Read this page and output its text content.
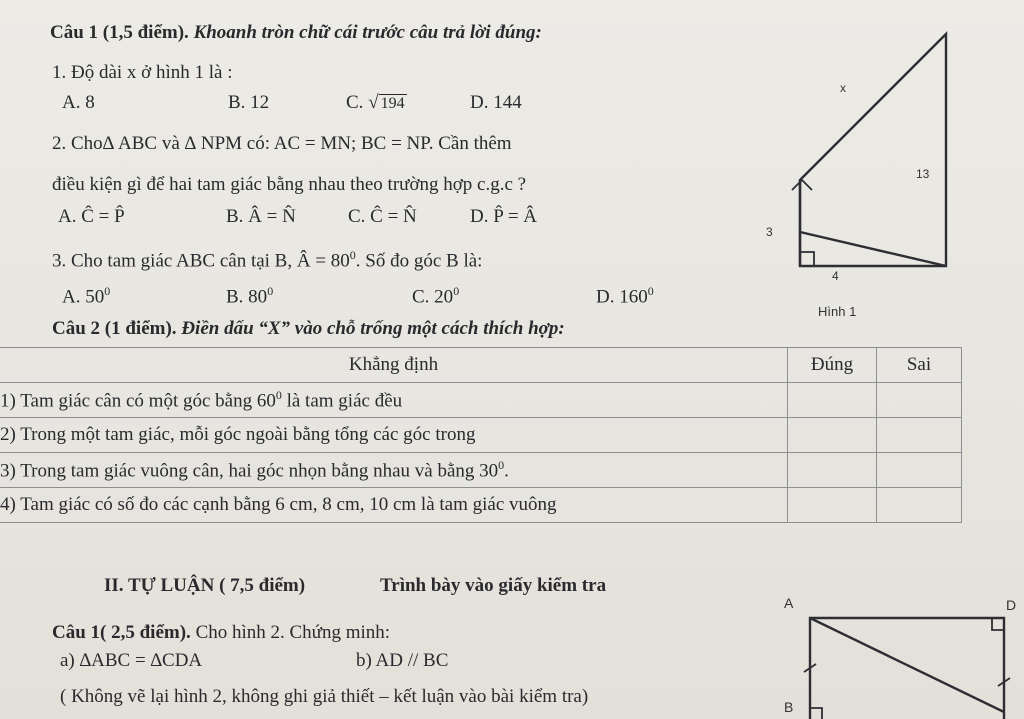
Câu 1 (1,5 điểm). Khoanh tròn chữ cái trước câu trả lời đúng:
1. Độ dài x ở hình 1 là :
A. 8	B. 12	C. √ 194	D. 144
2. Cho∆ ABC và ∆ NPM có: AC = MN; BC = NP. Cần thêm
điều kiện gì để hai tam giác bằng nhau theo trường hợp c.g.c ?
A. Ĉ = P̂	B. Â = N̂	C. Ĉ = N̂	D. P̂ = Â
3. Cho tam giác ABC cân tại B, Â = $80^0$. Số đo góc B là:
A. $50^0$	B. $80^0$	C. $20^0$	D. $160^0$
x
13
3
4
Hình 1
Câu 2 (1 điểm). Điền dấu “X” vào chỗ trống một cách thích hợp:
Khẳng định	Đúng	Sai
1) Tam giác cân có một góc bằng $60^0$ là tam giác đều		
2) Trong một tam giác, mỗi góc ngoài bằng tổng các góc trong		
3) Trong tam giác vuông cân, hai góc nhọn bằng nhau và bằng $30^0$.		
4) Tam giác có số đo các cạnh bằng 6 cm, 8 cm, 10 cm là tam giác vuông		
II. TỰ LUẬN ( 7,5 điểm)	Trình bày vào giấy kiểm tra
Câu 1( 2,5 điểm). Cho hình 2. Chứng minh:
a) ∆ABC = ∆CDA	b) AD // BC
( Không vẽ lại hình 2, không ghi giả thiết – kết luận vào bài kiểm tra)
A	D
B
